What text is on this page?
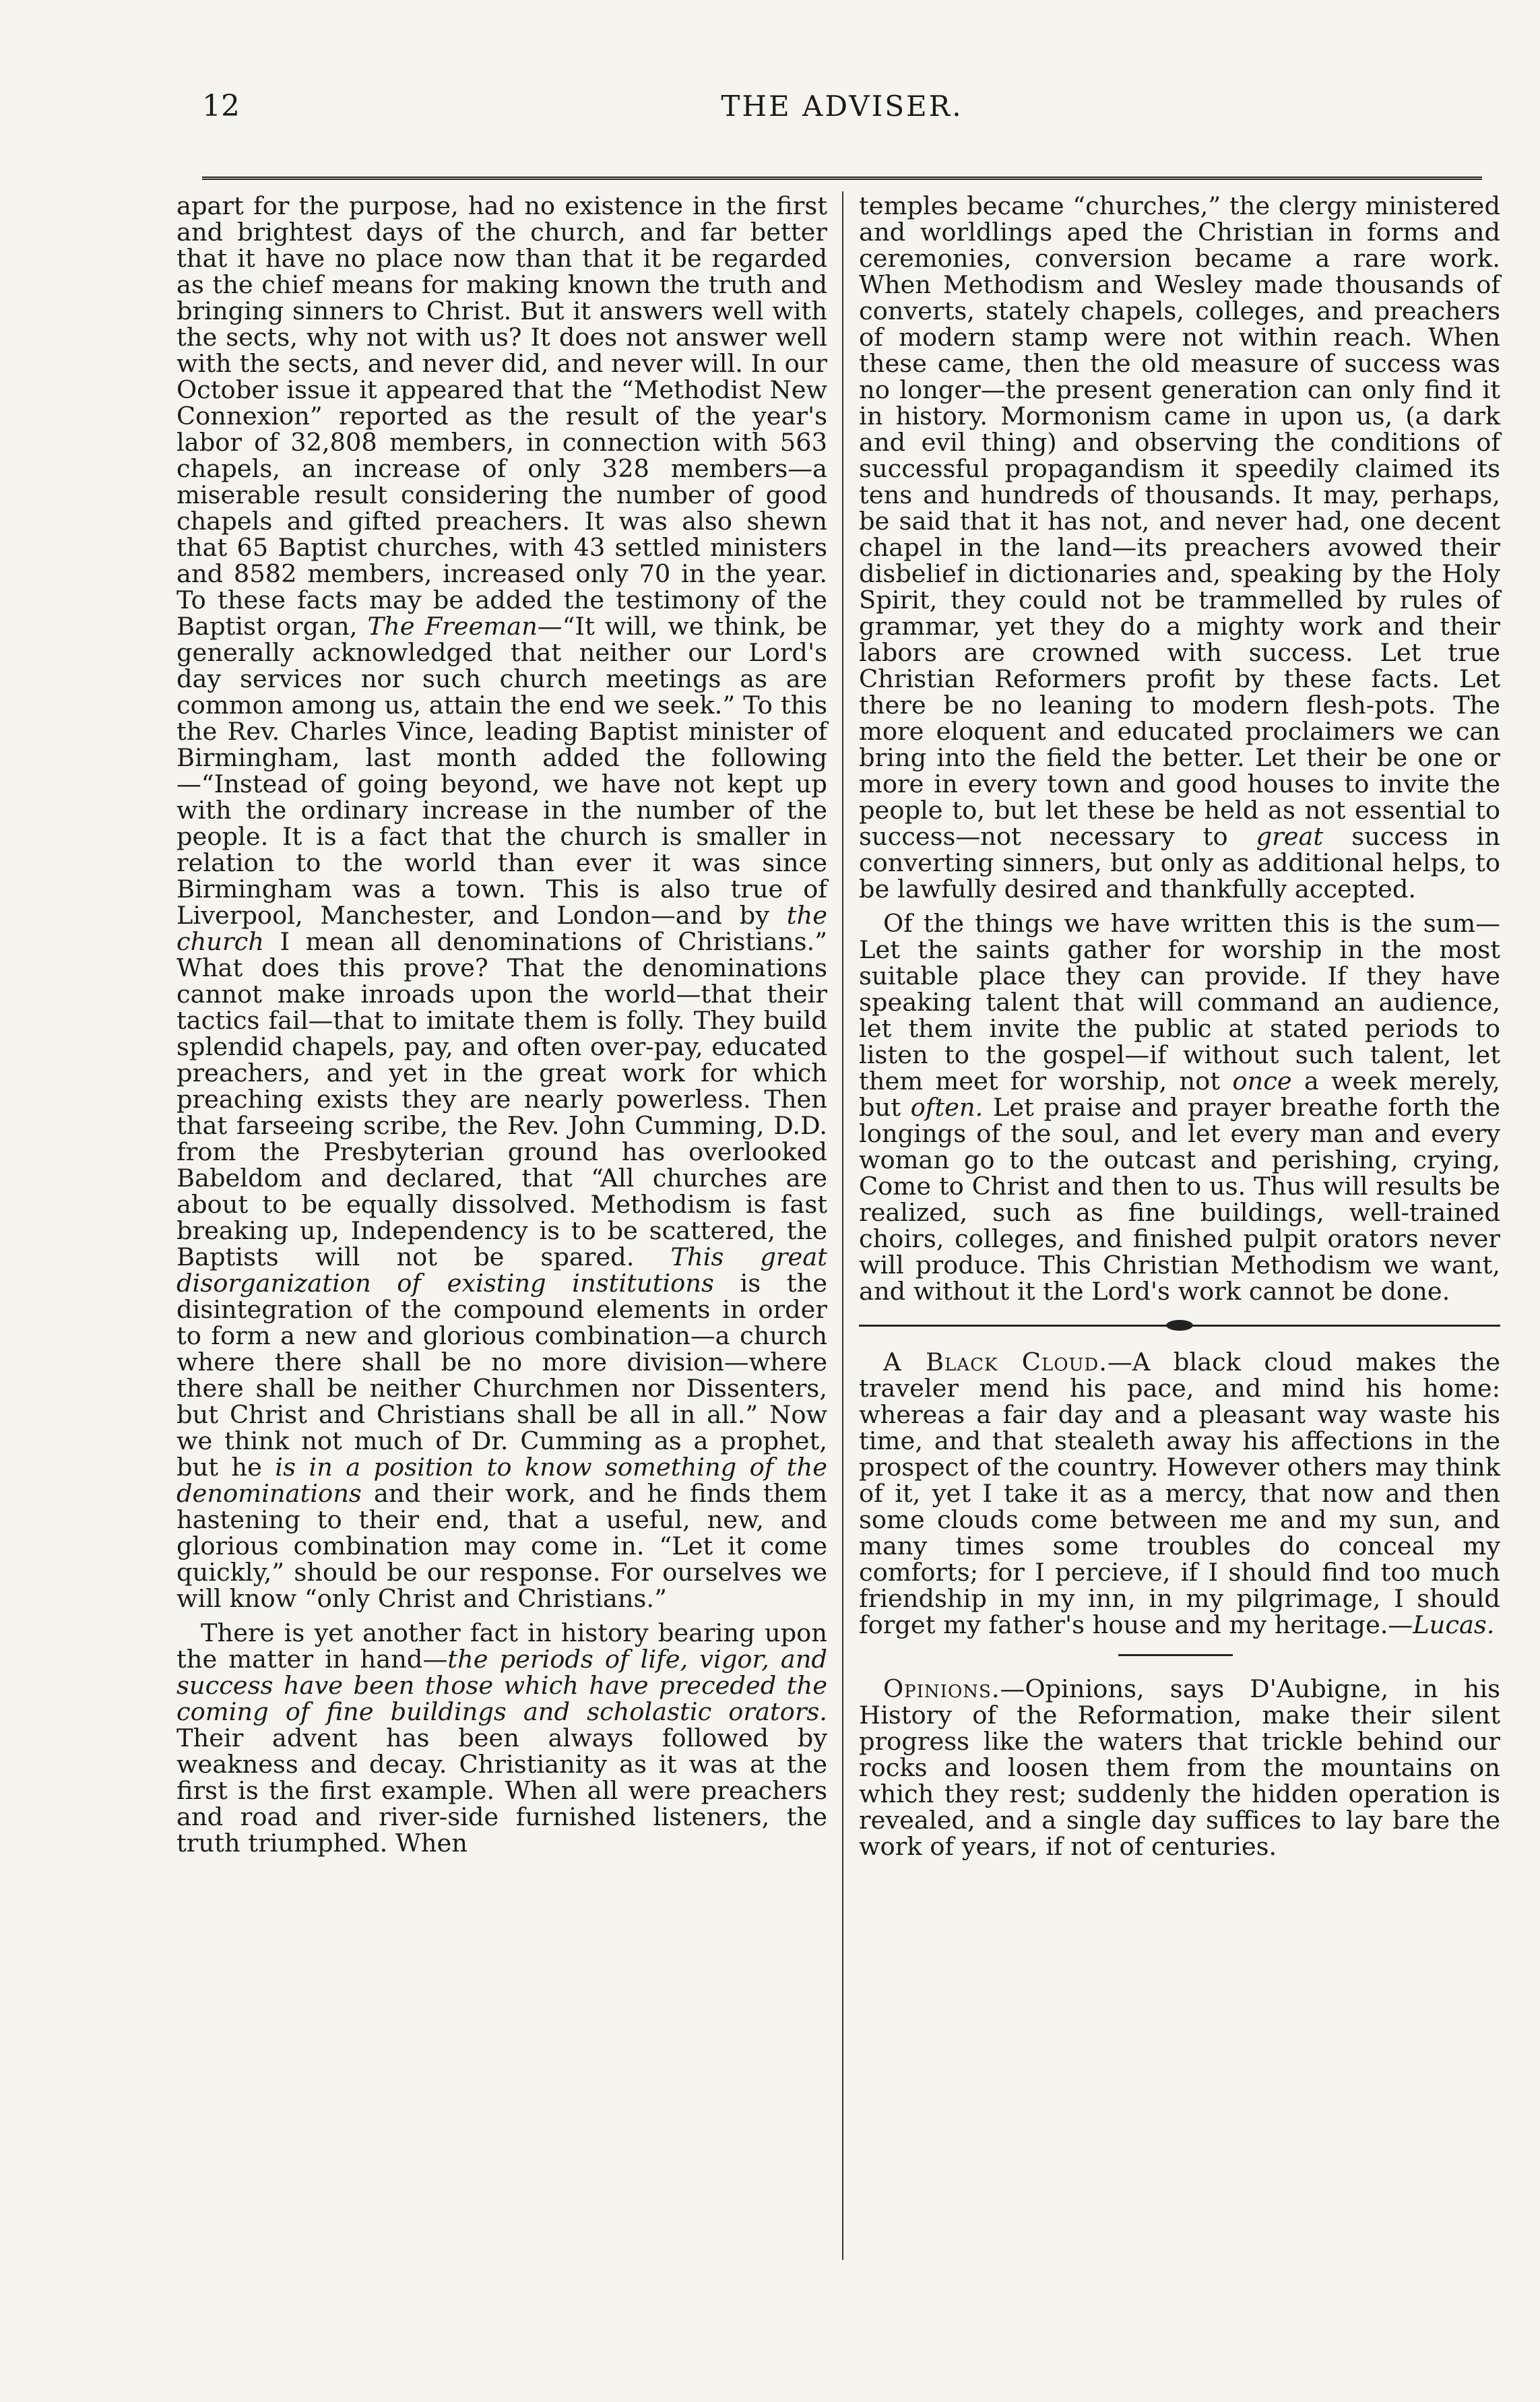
12	THE ADVISER.

apart for the purpose, had no existence in the first and brightest days of the church, and far better that it have no place now than that it be regarded as the chief means for making known the truth and bringing sinners to Christ. But it answers well with the sects, why not with us? It does not answer well with the sects, and never did, and never will. In our October issue it appeared that the “Methodist New Connexion” reported as the result of the year's labor of 32,808 members, in connection with 563 chapels, an increase of only 328 members—a miserable result considering the number of good chapels and gifted preachers. It was also shewn that 65 Baptist churches, with 43 settled ministers and 8582 members, increased only 70 in the year. To these facts may be added the testimony of the Baptist organ, The Freeman—“It will, we think, be generally acknowledged that neither our Lord's day services nor such church meetings as are common among us, attain the end we seek.” To this the Rev. Charles Vince, leading Baptist minister of Birmingham, last month added the following—“Instead of going beyond, we have not kept up with the ordinary increase in the number of the people. It is a fact that the church is smaller in relation to the world than ever it was since Birmingham was a town. This is also true of Liverpool, Manchester, and London—and by the church I mean all denominations of Christians.” What does this prove? That the denominations cannot make inroads upon the world—that their tactics fail—that to imitate them is folly. They build splendid chapels, pay, and often over-pay, educated preachers, and yet in the great work for which preaching exists they are nearly powerless. Then that farseeing scribe, the Rev. John Cumming, D.D. from the Presbyterian ground has overlooked Babeldom and declared, that “All churches are about to be equally dissolved. Methodism is fast breaking up, Independency is to be scattered, the Baptists will not be spared. This great disorganization of existing institutions is the disintegration of the compound elements in order to form a new and glorious combination—a church where there shall be no more division—where there shall be neither Churchmen nor Dissenters, but Christ and Christians shall be all in all.” Now we think not much of Dr. Cumming as a prophet, but he is in a position to know something of the denominations and their work, and he finds them hastening to their end, that a useful, new, and glorious combination may come in. “Let it come quickly,” should be our response. For ourselves we will know “only Christ and Christians.”

There is yet another fact in history bearing upon the matter in hand—the periods of life, vigor, and success have been those which have preceded the coming of fine buildings and scholastic orators. Their advent has been always followed by weakness and decay. Christianity as it was at the first is the first example. When all were preachers and road and river-side furnished listeners, the truth triumphed. When

temples became “churches,” the clergy ministered and worldlings aped the Christian in forms and ceremonies, conversion became a rare work. When Methodism and Wesley made thousands of converts, stately chapels, colleges, and preachers of modern stamp were not within reach. When these came, then the old measure of success was no longer—the present generation can only find it in history. Mormonism came in upon us, (a dark and evil thing) and observing the conditions of successful propagandism it speedily claimed its tens and hundreds of thousands. It may, perhaps, be said that it has not, and never had, one decent chapel in the land—its preachers avowed their disbelief in dictionaries and, speaking by the Holy Spirit, they could not be trammelled by rules of grammar, yet they do a mighty work and their labors are crowned with success. Let true Christian Reformers profit by these facts. Let there be no leaning to modern flesh-pots. The more eloquent and educated proclaimers we can bring into the field the better. Let their be one or more in every town and good houses to invite the people to, but let these be held as not essential to success—not necessary to great success in converting sinners, but only as additional helps, to be lawfully desired and thankfully accepted.

Of the things we have written this is the sum—Let the saints gather for worship in the most suitable place they can provide. If they have speaking talent that will command an audience, let them invite the public at stated periods to listen to the gospel—if without such talent, let them meet for worship, not once a week merely, but often. Let praise and prayer breathe forth the longings of the soul, and let every man and every woman go to the outcast and perishing, crying, Come to Christ and then to us. Thus will results be realized, such as fine buildings, well-trained choirs, colleges, and finished pulpit orators never will produce. This Christian Methodism we want, and without it the Lord's work cannot be done.

A Black Cloud.—A black cloud makes the traveler mend his pace, and mind his home: whereas a fair day and a pleasant way waste his time, and that stealeth away his affections in the prospect of the country. However others may think of it, yet I take it as a mercy, that now and then some clouds come between me and my sun, and many times some troubles do conceal my comforts; for I percieve, if I should find too much friendship in my inn, in my pilgrimage, I should forget my father's house and my heritage.—Lucas.

Opinions.—Opinions, says D'Aubigne, in his History of the Reformation, make their silent progress like the waters that trickle behind our rocks and loosen them from the mountains on which they rest; suddenly the hidden operation is revealed, and a single day suffices to lay bare the work of years, if not of centuries.
